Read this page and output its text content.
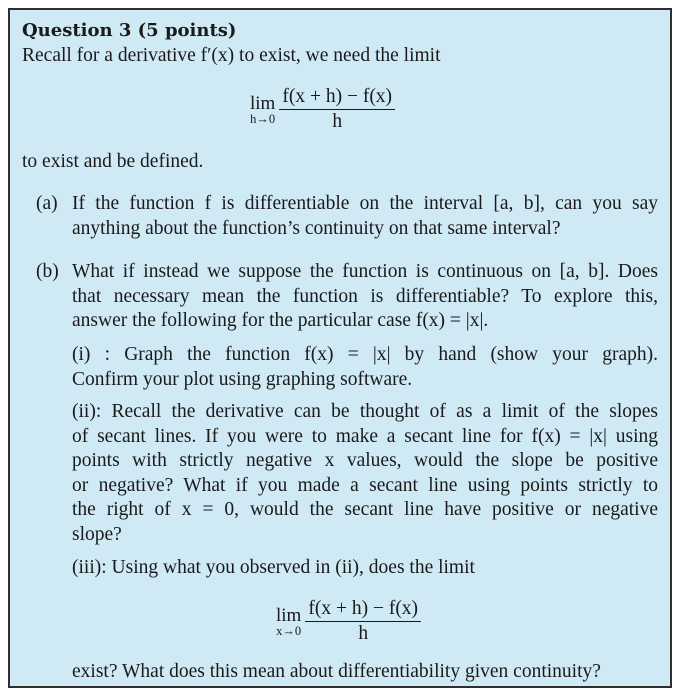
Question 3 (5 points)
Recall for a derivative f′(x) to exist, we need the limit
lim
$h\to 0 \frac{f(x + h) - f(x)}{h}$
to exist and be defined.
(a) If the function f is differentiable on the interval [a, b], can you say
anything about the function’s continuity on that same interval?
(b) What if instead we suppose the function is continuous on [a, b]. Does
that necessary mean the function is differentiable? To explore this,
answer the following for the particular case f(x) = |x|.
(i) : Graph the function f(x) = |x| by hand (show your graph).
Confirm your plot using graphing software.
(ii): Recall the derivative can be thought of as a limit of the slopes
of secant lines. If you were to make a secant line for f(x) = |x| using
points with strictly negative x values, would the slope be positive
or negative? What if you made a secant line using points strictly to
the right of x = 0, would the secant line have positive or negative
slope?
(iii): Using what you observed in (ii), does the limit
lim
$x\to 0 \frac{f(x + h) - f(x)}{h}$
exist? What does this mean about differentiability given continuity?
